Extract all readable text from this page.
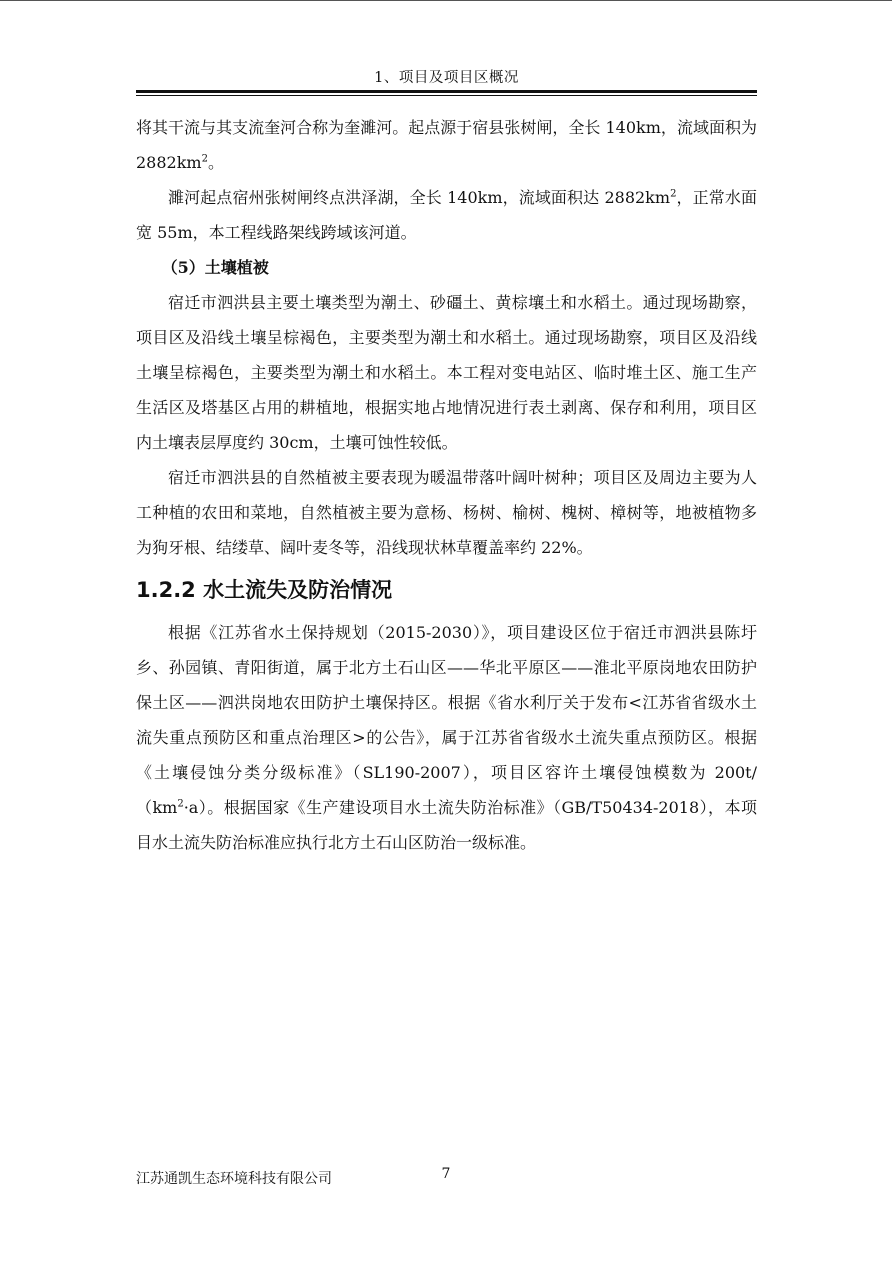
1、项目及项目区概况

将其干流与其支流奎河合称为奎濉河。起点源于宿县张树闸，全长 140km，流域面积为 $2882km^2$。

濉河起点宿州张树闸终点洪泽湖，全长 140km，流域面积达 $2882km^2$，正常水面宽 55m，本工程线路架线跨域该河道。

（5）土壤植被

宿迁市泗洪县主要土壤类型为潮土、砂礓土、黄棕壤土和水稻土。通过现场勘察，项目区及沿线土壤呈棕褐色，主要类型为潮土和水稻土。通过现场勘察，项目区及沿线土壤呈棕褐色，主要类型为潮土和水稻土。本工程对变电站区、临时堆土区、施工生产生活区及塔基区占用的耕植地，根据实地占地情况进行表土剥离、保存和利用，项目区内土壤表层厚度约 30cm，土壤可蚀性较低。

宿迁市泗洪县的自然植被主要表现为暖温带落叶阔叶树种；项目区及周边主要为人工种植的农田和菜地，自然植被主要为意杨、杨树、榆树、槐树、樟树等，地被植物多为狗牙根、结缕草、阔叶麦冬等，沿线现状林草覆盖率约 22%。

1.2.2 水土流失及防治情况

根据《江苏省水土保持规划（2015-2030）》，项目建设区位于宿迁市泗洪县陈圩乡、孙园镇、青阳街道，属于北方土石山区——华北平原区——淮北平原岗地农田防护保土区——泗洪岗地农田防护土壤保持区。根据《省水利厅关于发布<江苏省省级水土流失重点预防区和重点治理区>的公告》，属于江苏省省级水土流失重点预防区。根据《土壤侵蚀分类分级标准》（SL190-2007），项目区容许土壤侵蚀模数为 $200t/(km^2\cdot a)$。根据国家《生产建设项目水土流失防治标准》（GB/T50434-2018），本项目水土流失防治标准应执行北方土石山区防治一级标准。

江苏通凯生态环境科技有限公司	7
